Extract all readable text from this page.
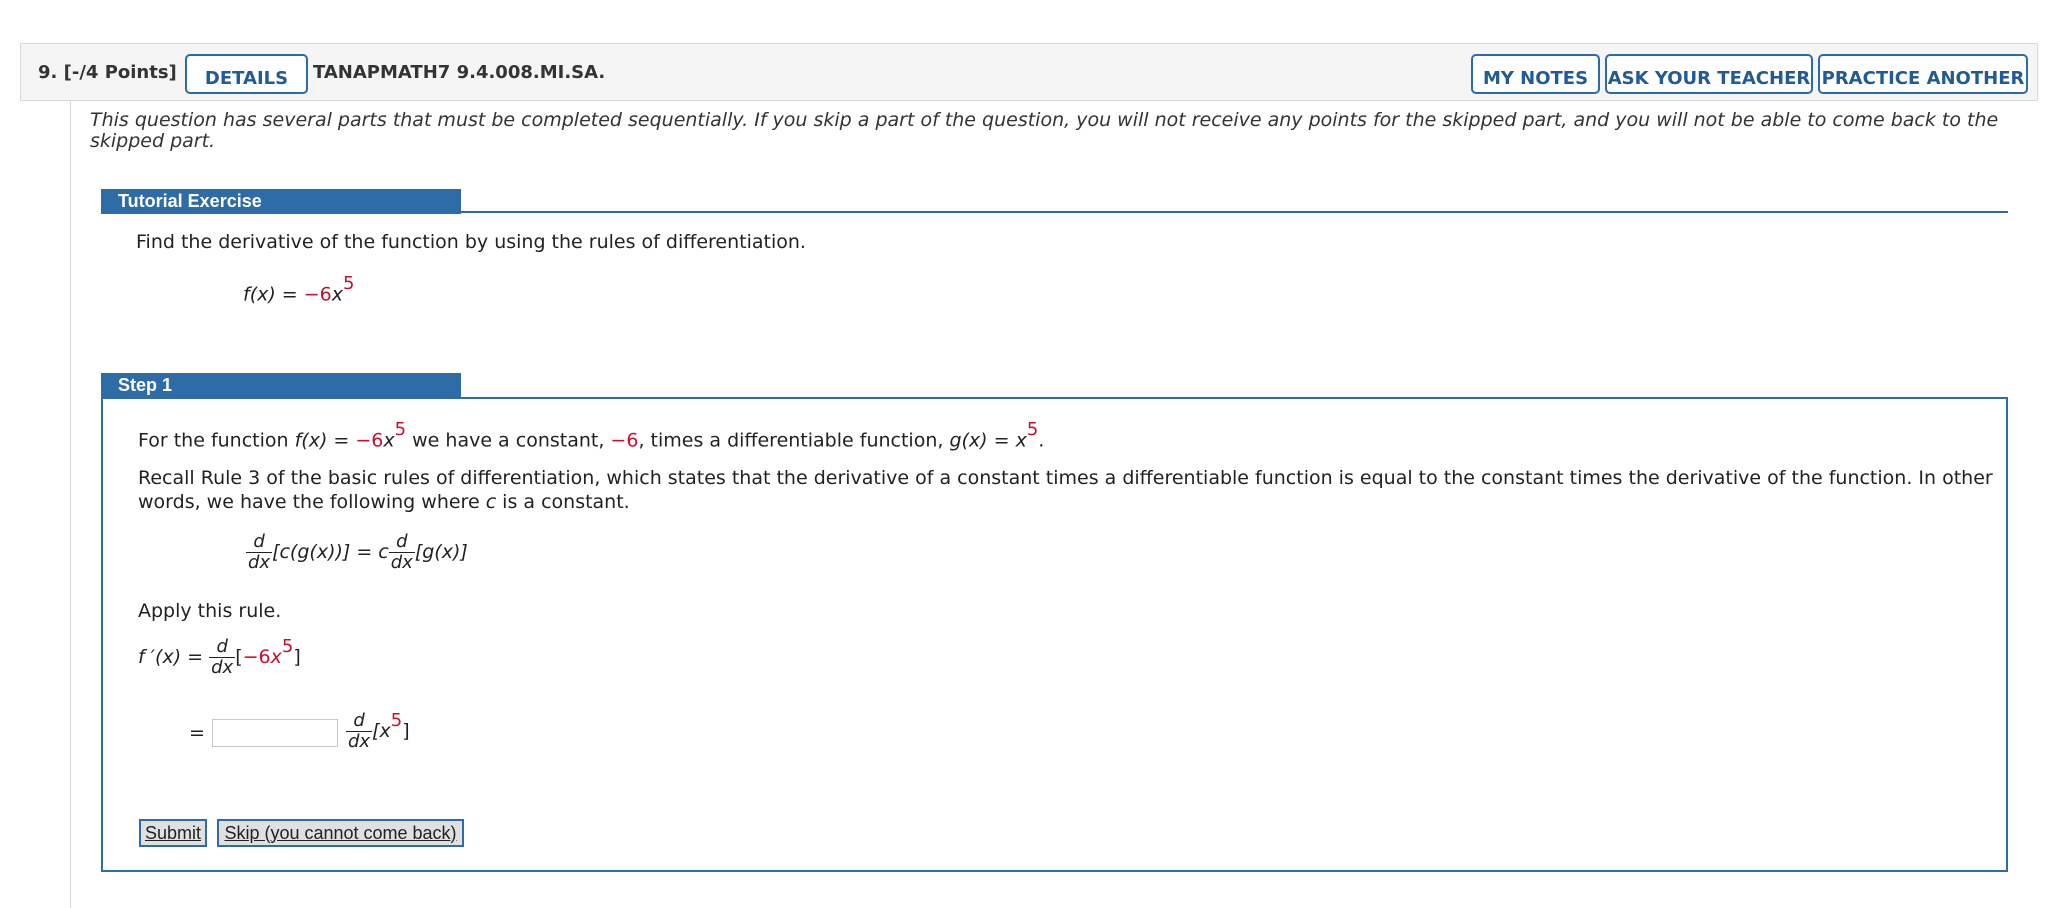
9. [-/4 Points]	DETAILS	TANAPMATH7 9.4.008.MI.SA.	MY NOTES	ASK YOUR TEACHER PRACTICE ANOTHER
This question has several parts that must be completed sequentially. If you skip a part of the question, you will not receive any points for the skipped part, and you will not be able to come back to the skipped part.
Tutorial Exercise
Find the derivative of the function by using the rules of differentiation.
$f(x) = -6x^5$
Step 1
For the function $f(x) = -6x^5$ we have a constant, −6, times a differentiable function, $g(x) = x^5$.
Recall Rule 3 of the basic rules of differentiation, which states that the derivative of a constant times a differentiable function is equal to the constant times the derivative of the function. In other
words, we have the following where c is a constant.
$\frac{d}{dx} [c(g(x))] = c \frac{d}{dx} [g(x)]$
Apply this rule.
f $'(x) = \frac{d}{dx} [-6x^5]$
=	$\frac{d}{dx} [x^5]$
Submit	Skip (you cannot come back)
